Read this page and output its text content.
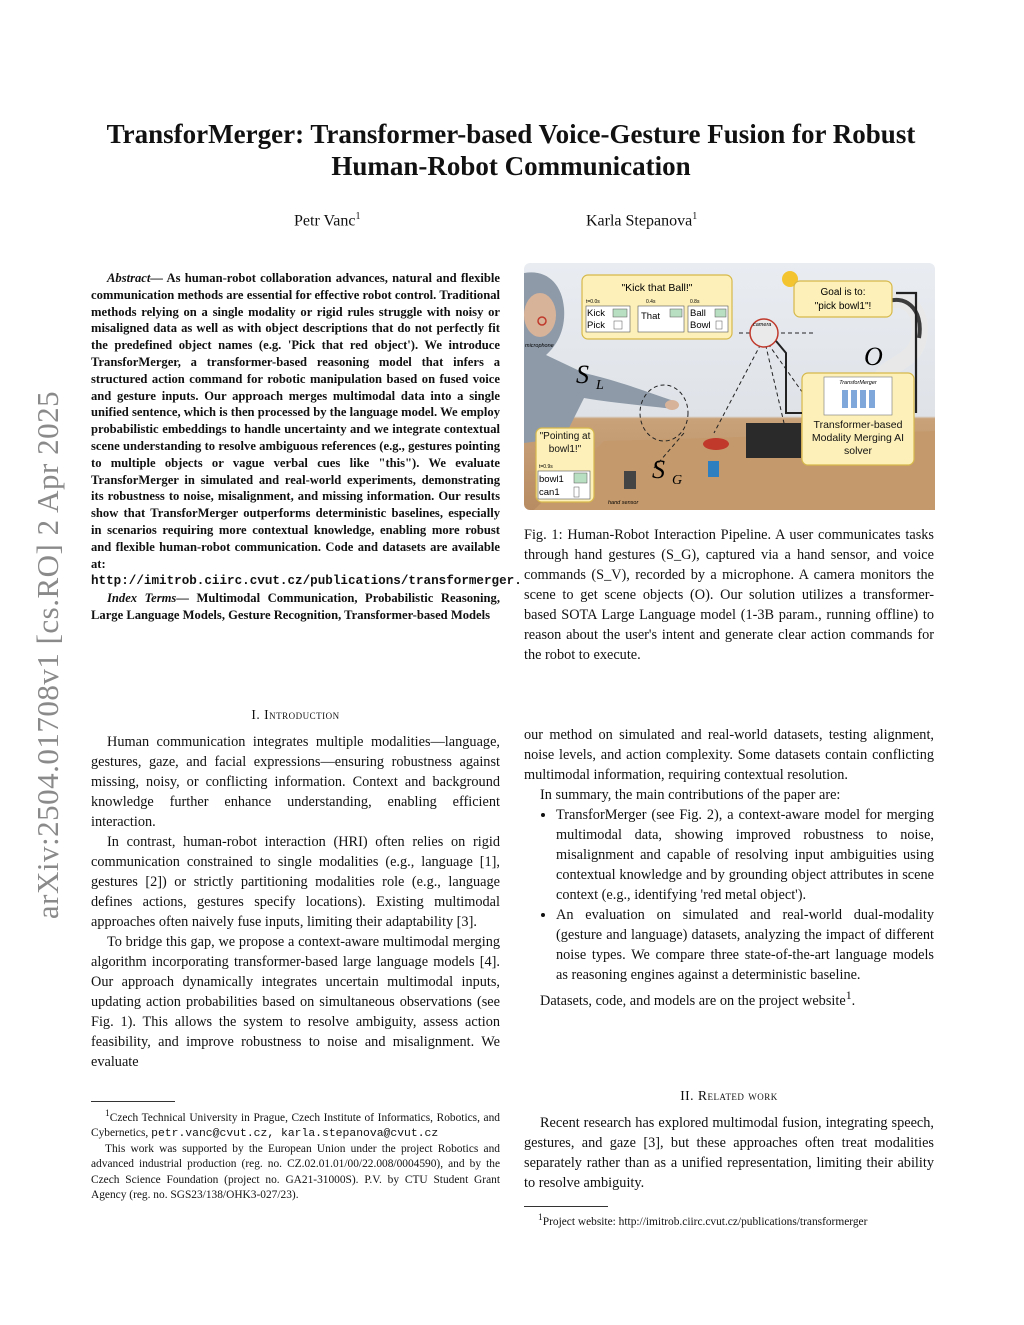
arXiv:2504.01708v1 [cs.RO] 2 Apr 2025
TransforMerger: Transformer-based Voice-Gesture Fusion for Robust Human-Robot Communication
Petr Vanc$^1$	Karla Stepanova$^1$

Abstract— As human-robot collaboration advances, natural and flexible communication methods are essential for effective robot control. Traditional methods relying on a single modality or rigid rules struggle with noisy or misaligned data as well as with object descriptions that do not perfectly fit the predefined object names (e.g. 'Pick that red object'). We introduce TransforMerger, a transformer-based reasoning model that infers a structured action command for robotic manipulation based on fused voice and gesture inputs. Our approach merges multimodal data into a single unified sentence, which is then processed by the language model. We employ probabilistic embeddings to handle uncertainty and we integrate contextual scene understanding to resolve ambiguous references (e.g., gestures pointing to multiple objects or vague verbal cues like "this"). We evaluate TransforMerger in simulated and real-world experiments, demonstrating its robustness to noise, misalignment, and missing information. Our results show that TransforMerger outperforms deterministic baselines, especially in scenarios requiring more contextual knowledge, enabling more robust and flexible human-robot communication. Code and datasets are available at: http://imitrob.ciirc.cvut.cz/publications/transformerger.

Index Terms— Multimodal Communication, Probabilistic Reasoning, Large Language Models, Gesture Recognition, Transformer-based Models

I. Introduction

Human communication integrates multiple modalities—language, gestures, gaze, and facial expressions—ensuring robustness against missing, noisy, or conflicting information. Context and background knowledge further enhance understanding, enabling efficient interaction.

In contrast, human-robot interaction (HRI) often relies on rigid communication constrained to single modalities (e.g., language [1], gestures [2]) or strictly partitioning modalities role (e.g., language defines actions, gestures specify locations). Existing multimodal approaches often naively fuse inputs, limiting their adaptability [3].

To bridge this gap, we propose a context-aware multimodal merging algorithm incorporating transformer-based large language models [4]. Our approach dynamically integrates uncertain multimodal inputs, updating action probabilities based on simultaneous observations (see Fig. 1). This allows the system to resolve ambiguity, assess action feasibility, and improve robustness to noise and misalignment. We evaluate

$^1$Czech Technical University in Prague, Czech Institute of Informatics, Robotics, and Cybernetics, petr.vanc@cvut.cz, karla.stepanova@cvut.cz

This work was supported by the European Union under the project Robotics and advanced industrial production (reg. no. CZ.02.01.01/00/22.008/0004590), and by the Czech Science Foundation (project no. GA21-31000S). P.V. by CTU Student Grant Agency (reg. no. SGS23/138/OHK3-027/23).

"Kick that Ball!"
t=0.0s	0.4s	0.8s
Kick
Pick
That	Ball
Bowl
microphone
camera
S L
S G
Goal is to:
"pick bowl1"!
O
TransforMerger
Transformer-based Modality Merging AI solver
"Pointing at bowl1!"
t=0.9s
bowl1
can1
hand sensor
Fig. 1: Human-Robot Interaction Pipeline. A user communicates tasks through hand gestures (S_G), captured via a hand sensor, and voice commands (S_V), recorded by a microphone. A camera monitors the scene to get scene objects (O). Our solution utilizes a transformer-based SOTA Large Language model (1-3B param., running offline) to reason about the user's intent and generate clear action commands for the robot to execute.

our method on simulated and real-world datasets, testing alignment, noise levels, and action complexity. Some datasets contain conflicting multimodal information, requiring contextual resolution.

In summary, the main contributions of the paper are:

• TransforMerger (see Fig. 2), a context-aware model for merging multimodal data, showing improved robustness to noise, misalignment and capable of resolving input ambiguities using contextual knowledge and by grounding object attributes in scene context (e.g., identifying 'red metal object').
• An evaluation on simulated and real-world dual-modality (gesture and language) datasets, analyzing the impact of different noise types. We compare three state-of-the-art language models as reasoning engines against a deterministic baseline.

Datasets, code, and models are on the project website$^1$.

II. Related work

Recent research has explored multimodal fusion, integrating speech, gestures, and gaze [3], but these approaches often treat modalities separately rather than as a unified representation, limiting their ability to resolve ambiguity.

$^1$Project website: http://imitrob.ciirc.cvut.cz/publications/transformerger
